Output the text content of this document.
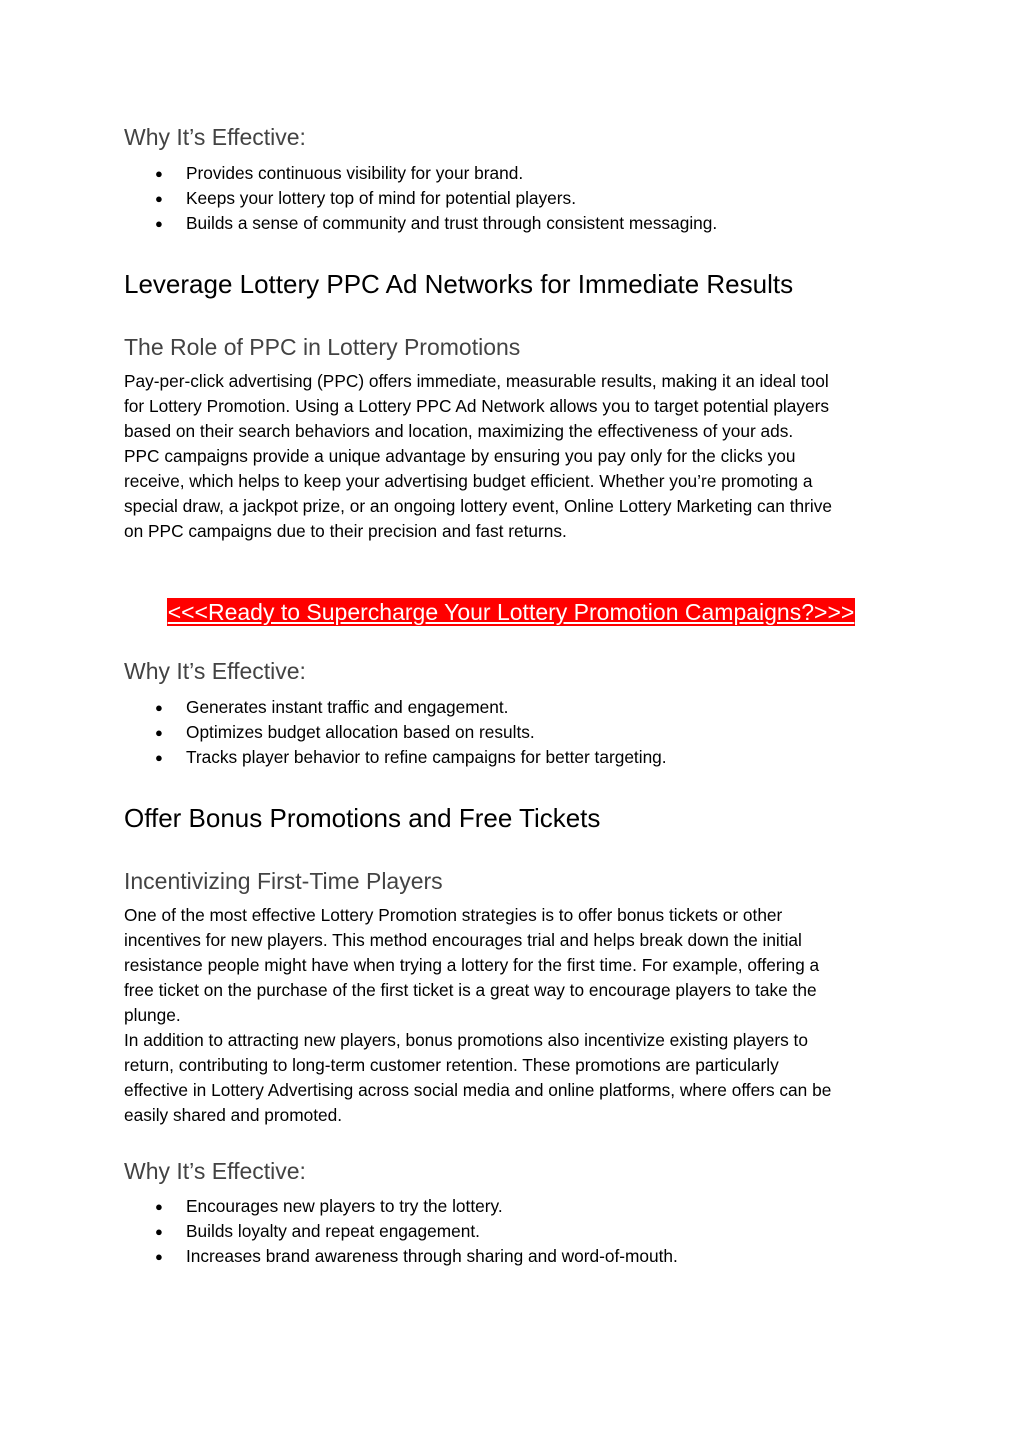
Why It’s Effective:
● Provides continuous visibility for your brand.
● Keeps your lottery top of mind for potential players.
● Builds a sense of community and trust through consistent messaging.
Leverage Lottery PPC Ad Networks for Immediate Results
The Role of PPC in Lottery Promotions
Pay-per-click advertising (PPC) offers immediate, measurable results, making it an ideal tool
for Lottery Promotion. Using a Lottery PPC Ad Network allows you to target potential players
based on their search behaviors and location, maximizing the effectiveness of your ads.
PPC campaigns provide a unique advantage by ensuring you pay only for the clicks you
receive, which helps to keep your advertising budget efficient. Whether you’re promoting a
special draw, a jackpot prize, or an ongoing lottery event, Online Lottery Marketing can thrive
on PPC campaigns due to their precision and fast returns.
<<<Ready to Supercharge Your Lottery Promotion Campaigns?>>>
Why It’s Effective:
● Generates instant traffic and engagement.
● Optimizes budget allocation based on results.
● Tracks player behavior to refine campaigns for better targeting.
Offer Bonus Promotions and Free Tickets
Incentivizing First-Time Players
One of the most effective Lottery Promotion strategies is to offer bonus tickets or other
incentives for new players. This method encourages trial and helps break down the initial
resistance people might have when trying a lottery for the first time. For example, offering a
free ticket on the purchase of the first ticket is a great way to encourage players to take the
plunge.
In addition to attracting new players, bonus promotions also incentivize existing players to
return, contributing to long-term customer retention. These promotions are particularly
effective in Lottery Advertising across social media and online platforms, where offers can be
easily shared and promoted.
Why It’s Effective:
● Encourages new players to try the lottery.
● Builds loyalty and repeat engagement.
● Increases brand awareness through sharing and word-of-mouth.
